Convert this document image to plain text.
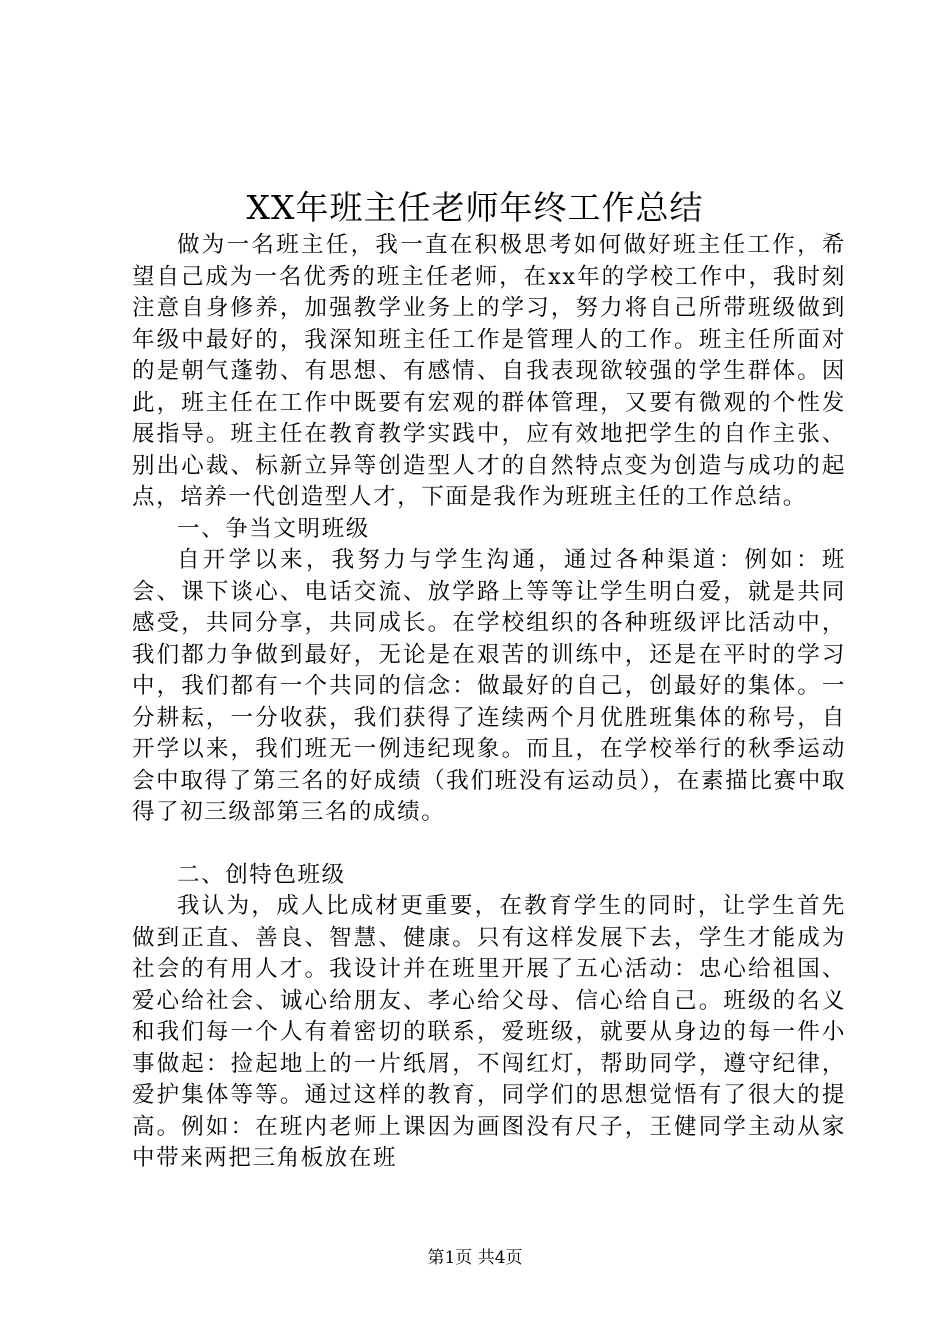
XX年班主任老师年终工作总结

做为一名班主任，我一直在积极思考如何做好班主任工作，希望自己成为一名优秀的班主任老师，在xx年的学校工作中，我时刻注意自身修养，加强教学业务上的学习，努力将自己所带班级做到年级中最好的，我深知班主任工作是管理人的工作。班主任所面对的是朝气蓬勃、有思想、有感情、自我表现欲较强的学生群体。因此，班主任在工作中既要有宏观的群体管理，又要有微观的个性发展指导。班主任在教育教学实践中，应有效地把学生的自作主张、别出心裁、标新立异等创造型人才的自然特点变为创造与成功的起点，培养一代创造型人才，下面是我作为班班主任的工作总结。

一、争当文明班级

自开学以来，我努力与学生沟通，通过各种渠道：例如：班会、课下谈心、电话交流、放学路上等等让学生明白爱，就是共同感受，共同分享，共同成长。在学校组织的各种班级评比活动中，我们都力争做到最好，无论是在艰苦的训练中，还是在平时的学习中，我们都有一个共同的信念：做最好的自己，创最好的集体。一分耕耘，一分收获，我们获得了连续两个月优胜班集体的称号，自开学以来，我们班无一例违纪现象。而且，在学校举行的秋季运动会中取得了第三名的好成绩（我们班没有运动员），在素描比赛中取得了初三级部第三名的成绩。

二、创特色班级

我认为，成人比成材更重要，在教育学生的同时，让学生首先做到正直、善良、智慧、健康。只有这样发展下去，学生才能成为社会的有用人才。我设计并在班里开展了五心活动：忠心给祖国、爱心给社会、诚心给朋友、孝心给父母、信心给自己。班级的名义和我们每一个人有着密切的联系，爱班级，就要从身边的每一件小事做起：捡起地上的一片纸屑，不闯红灯，帮助同学，遵守纪律，爱护集体等等。通过这样的教育，同学们的思想觉悟有了很大的提高。例如：在班内老师上课因为画图没有尺子，王健同学主动从家中带来两把三角板放在班

第1页 共4页
